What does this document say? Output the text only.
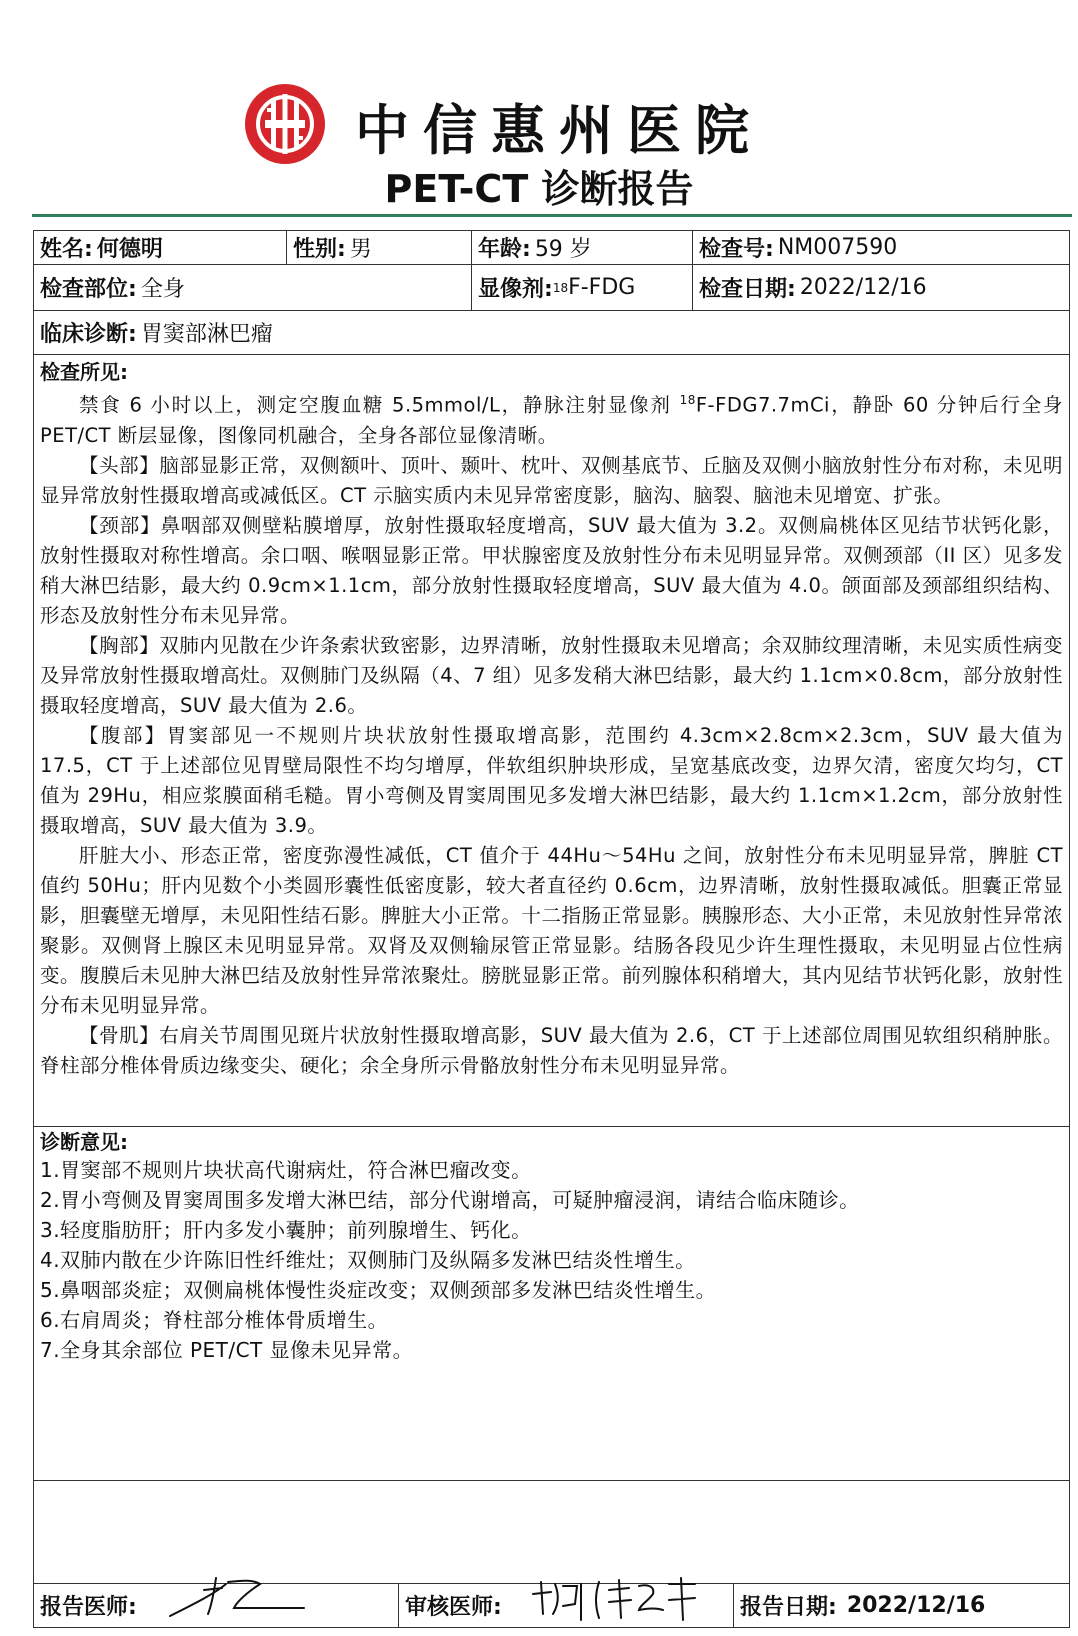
中信惠州医院
PET-CT 诊断报告
姓名: 何德明	性别: 男	年龄: 59 岁	检查号: NM007590
检查部位: 全身	显像剂: 18 F-FDG	检查日期: 2022/12/16
临床诊断: 胃窦部淋巴瘤
检查所见:

禁食 6 小时以上，测定空腹血糖 5.5mmol/L，静脉注射显像剂 $^{18}$F-FDG7.7mCi，静卧 60 分钟后行全身 PET/CT 断层显像，图像同机融合，全身各部位显像清晰。

【头部】脑部显影正常，双侧额叶、顶叶、颞叶、枕叶、双侧基底节、丘脑及双侧小脑放射性分布对称，未见明显异常放射性摄取增高或减低区。CT 示脑实质内未见异常密度影，脑沟、脑裂、脑池未见增宽、扩张。

【颈部】鼻咽部双侧壁粘膜增厚，放射性摄取轻度增高，SUV 最大值为 3.2。双侧扁桃体区见结节状钙化影，放射性摄取对称性增高。余口咽、喉咽显影正常。甲状腺密度及放射性分布未见明显异常。双侧颈部（II 区）见多发稍大淋巴结影，最大约 0.9cm×1.1cm，部分放射性摄取轻度增高，SUV 最大值为 4.0。颌面部及颈部组织结构、形态及放射性分布未见异常。

【胸部】双肺内见散在少许条索状致密影，边界清晰，放射性摄取未见增高；余双肺纹理清晰，未见实质性病变及异常放射性摄取增高灶。双侧肺门及纵隔（4、7 组）见多发稍大淋巴结影，最大约 1.1cm×0.8cm，部分放射性摄取轻度增高，SUV 最大值为 2.6。

【腹部】胃窦部见一不规则片块状放射性摄取增高影，范围约 4.3cm×2.8cm×2.3cm，SUV 最大值为 17.5，CT 于上述部位见胃壁局限性不均匀增厚，伴软组织肿块形成，呈宽基底改变，边界欠清，密度欠均匀，CT 值为 29Hu，相应浆膜面稍毛糙。胃小弯侧及胃窦周围见多发增大淋巴结影，最大约 1.1cm×1.2cm，部分放射性摄取增高，SUV 最大值为 3.9。

肝脏大小、形态正常，密度弥漫性减低，CT 值介于 44Hu～54Hu 之间，放射性分布未见明显异常，脾脏 CT 值约 50Hu；肝内见数个小类圆形囊性低密度影，较大者直径约 0.6cm，边界清晰，放射性摄取减低。胆囊正常显影，胆囊壁无增厚，未见阳性结石影。脾脏大小正常。十二指肠正常显影。胰腺形态、大小正常，未见放射性异常浓聚影。双侧肾上腺区未见明显异常。双肾及双侧输尿管正常显影。结肠各段见少许生理性摄取，未见明显占位性病变。腹膜后未见肿大淋巴结及放射性异常浓聚灶。膀胱显影正常。前列腺体积稍增大，其内见结节状钙化影，放射性分布未见明显异常。

【骨肌】右肩关节周围见斑片状放射性摄取增高影，SUV 最大值为 2.6，CT 于上述部位周围见软组织稍肿胀。脊柱部分椎体骨质边缘变尖、硬化；余全身所示骨骼放射性分布未见明显异常。

诊断意见:

1.胃窦部不规则片块状高代谢病灶，符合淋巴瘤改变。

2.胃小弯侧及胃窦周围多发增大淋巴结，部分代谢增高，可疑肿瘤浸润，请结合临床随诊。

3.轻度脂肪肝；肝内多发小囊肿；前列腺增生、钙化。

4.双肺内散在少许陈旧性纤维灶；双侧肺门及纵隔多发淋巴结炎性增生。

5.鼻咽部炎症；双侧扁桃体慢性炎症改变；双侧颈部多发淋巴结炎性增生。

6.右肩周炎；脊柱部分椎体骨质增生。

7.全身其余部位 PET/CT 显像未见异常。

报告医师:	审核医师:	报告日期: 2022/12/16
